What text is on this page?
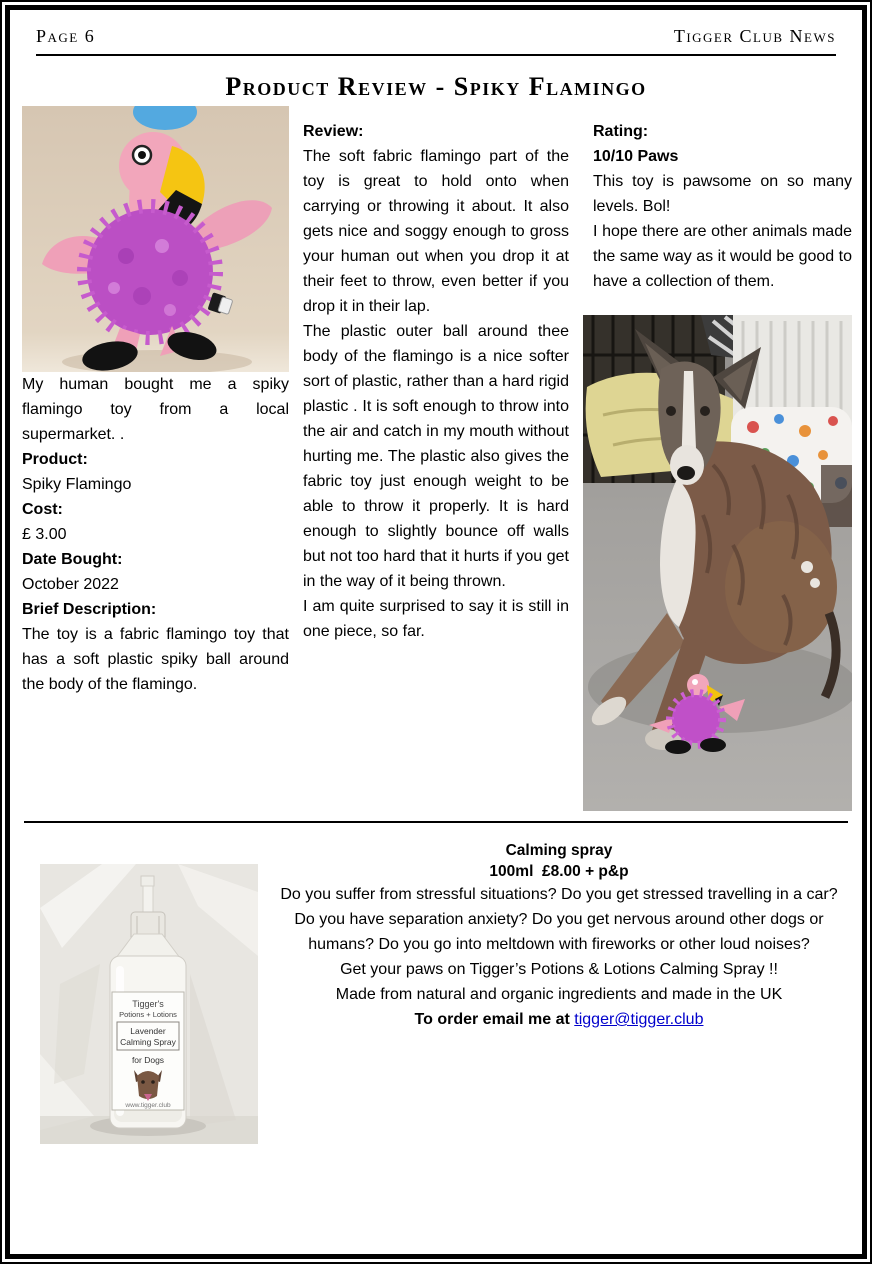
Page 6	Tigger Club News
Product Review - Spiky Flamingo

My human bought me a spiky flamingo toy from a local supermarket. .

Product:
Spiky Flamingo

Cost:
£ 3.00

Date Bought:
October 2022

Brief Description:
The toy is a fabric flamingo toy that has a soft plastic spiky ball around the body of the flamingo.

Review:
The soft fabric flamingo part of the toy is great to hold onto when carrying or throwing it about. It also gets nice and soggy enough to gross your human out when you drop it at their feet to throw, even better if you drop it in their lap.

The plastic outer ball around thee body of the flamingo is a nice softer sort of plastic, rather than a hard rigid plastic . It is soft enough to throw into the air and catch in my mouth without hurting me. The plastic also gives the fabric toy just enough weight to be able to throw it properly. It is hard enough to slightly bounce off walls but not too hard that it hurts if you get in the way of it being thrown.

I am quite surprised to say it is still in one piece, so far.

Rating:
10/10 Paws
This toy is pawsome on so many levels. Bol!

I hope there are other animals made the same way as it would be good to have a collection of them.

Tigger's
Potions + Lotions
Lavender
Calming Spray
for Dogs
www.tigger.club

Calming spray

100ml  £8.00 + p&p

Do you suffer from stressful situations? Do you get stressed travelling in a car? Do you have separation anxiety? Do you get nervous around other dogs or humans? Do you go into meltdown with fireworks or other loud noises?

Get your paws on Tigger’s Potions & Lotions Calming Spray !!

Made from natural and organic ingredients and made in the UK

To order email me at tigger@tigger.club
